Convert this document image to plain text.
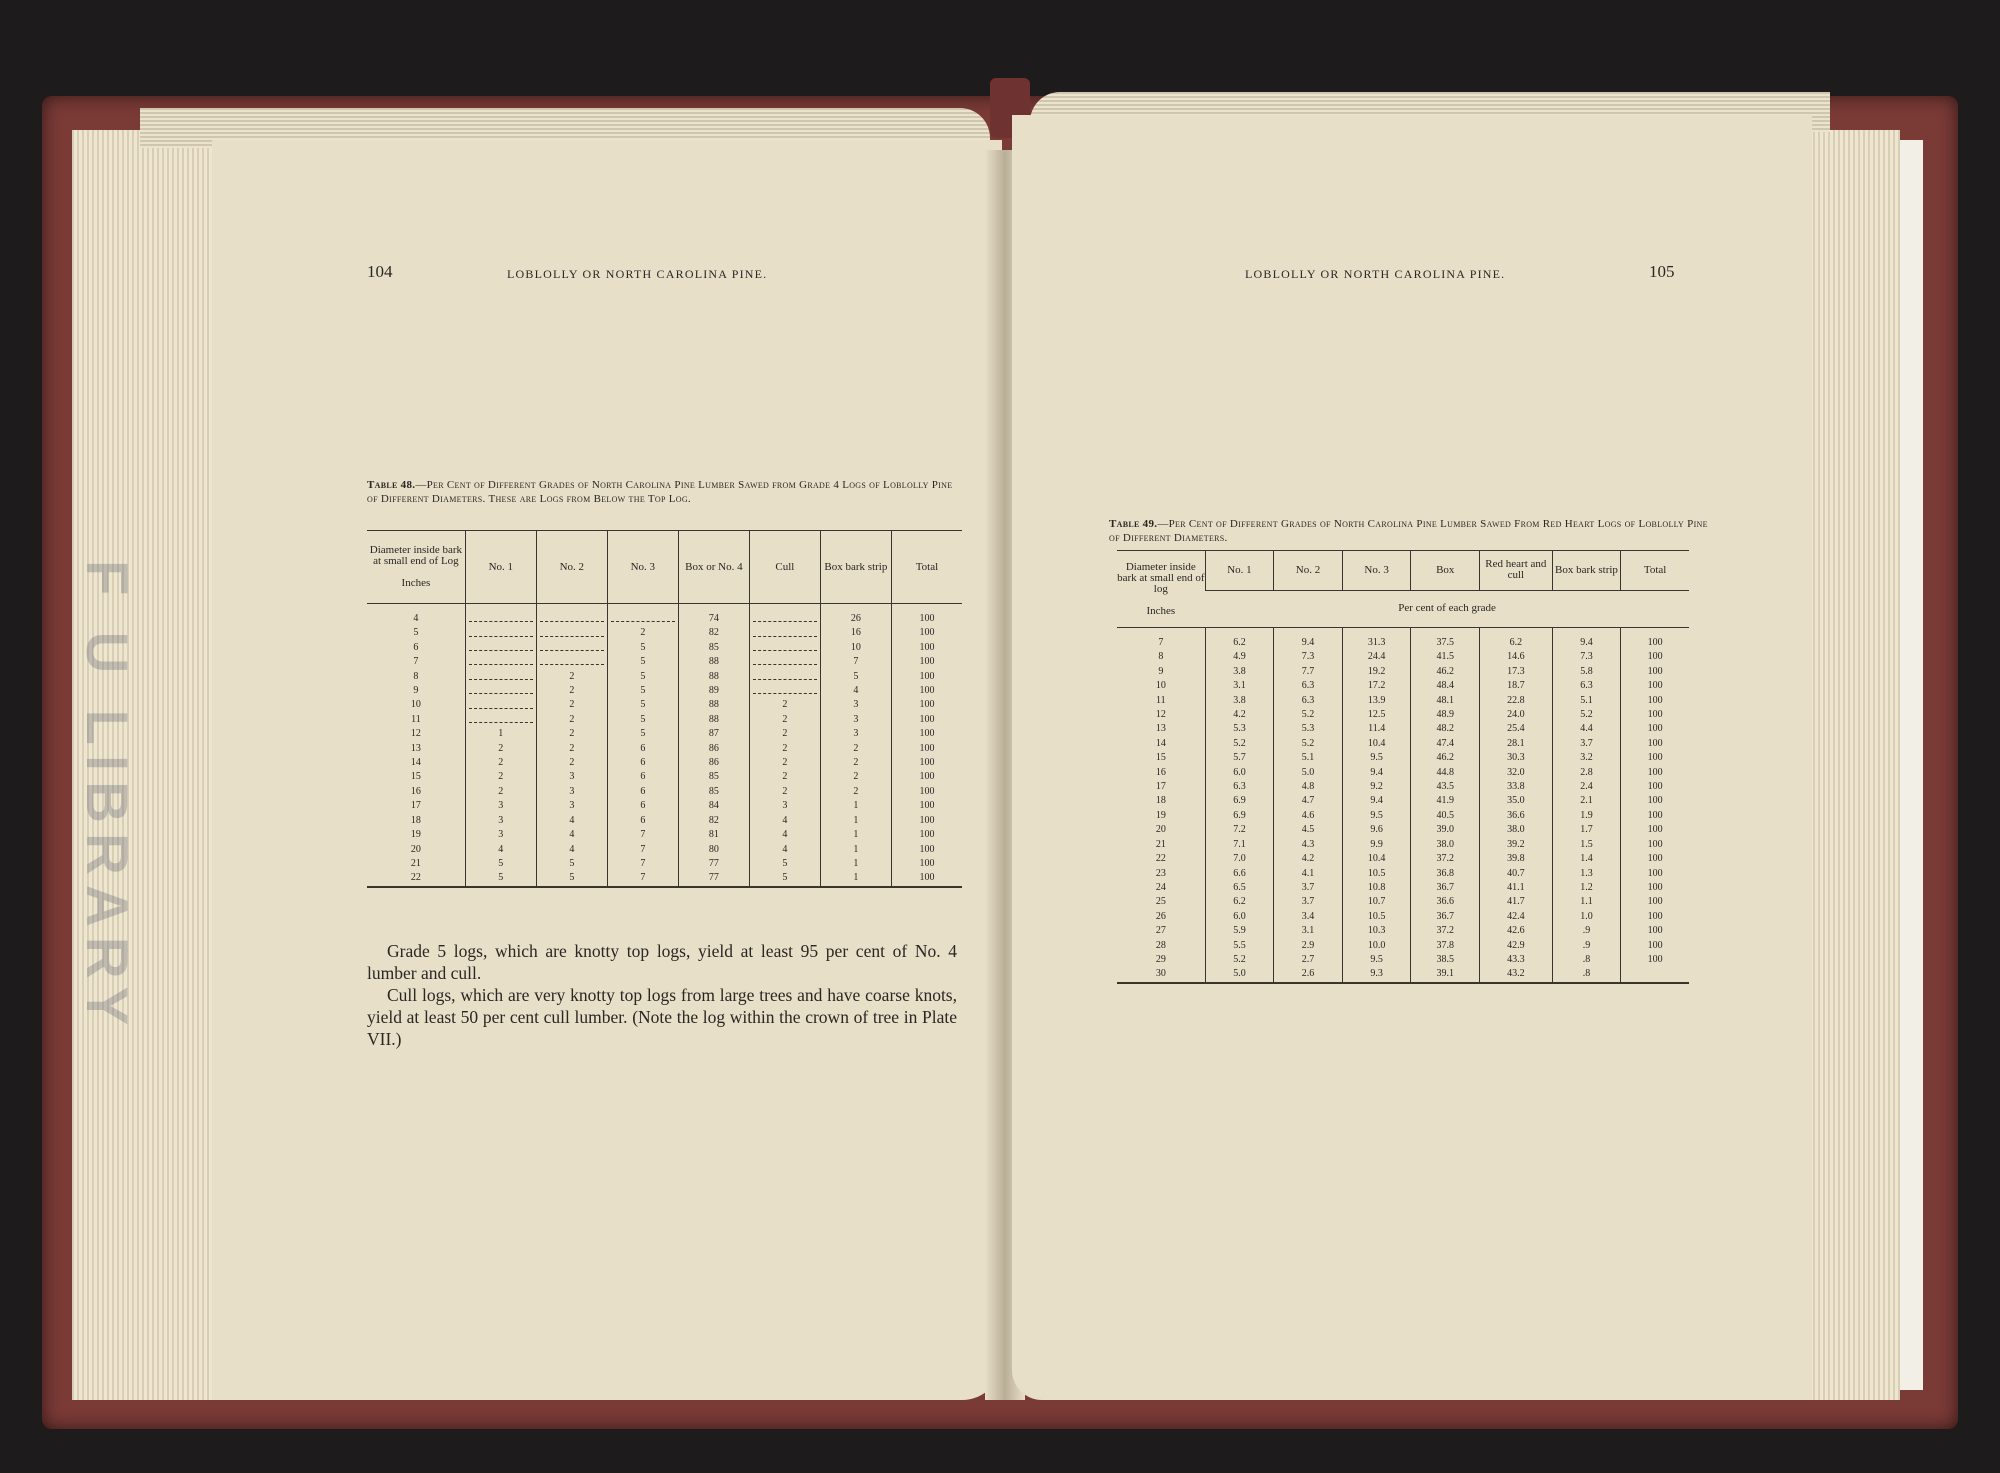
104	LOBLOLLY OR NORTH CAROLINA PINE.
Table 48.—Per Cent of Different Grades of North Carolina Pine Lumber Sawed from Grade 4 Logs of Loblolly Pine of Different Diameters. These are Logs from Below the Top Log.
Diameter inside bark at small end of Log

Inches	No. 1	No. 2	No. 3	Box or No. 4	Cull	Box bark strip	Total
4				74		26	100
5			2	82		16	100
6			5	85		10	100
7			5	88		7	100
8		2	5	88		5	100
9		2	5	89		4	100
10		2	5	88	2	3	100
11		2	5	88	2	3	100
12	1	2	5	87	2	3	100
13	2	2	6	86	2	2	100
14	2	2	6	86	2	2	100
15	2	3	6	85	2	2	100
16	2	3	6	85	2	2	100
17	3	3	6	84	3	1	100
18	3	4	6	82	4	1	100
19	3	4	7	81	4	1	100
20	4	4	7	80	4	1	100
21	5	5	7	77	5	1	100
22	5	5	7	77	5	1	100

Grade 5 logs, which are knotty top logs, yield at least 95 per cent of No. 4 lumber and cull.

Cull logs, which are very knotty top logs from large trees and have coarse knots, yield at least 50 per cent cull lumber. (Note the log within the crown of tree in Plate VII.)

F U LIBRARY
LOBLOLLY OR NORTH CAROLINA PINE.	105
Table 49.—Per Cent of Different Grades of North Carolina Pine Lumber Sawed From Red Heart Logs of Loblolly Pine of Different Diameters.
Diameter inside bark at small end of log

Inches	No. 1	No. 2	No. 3	Box	Red heart and cull	Box bark strip	Total
	Per cent of each grade						
7	6.2	9.4	31.3	37.5	6.2	9.4	100
8	4.9	7.3	24.4	41.5	14.6	7.3	100
9	3.8	7.7	19.2	46.2	17.3	5.8	100
10	3.1	6.3	17.2	48.4	18.7	6.3	100
11	3.8	6.3	13.9	48.1	22.8	5.1	100
12	4.2	5.2	12.5	48.9	24.0	5.2	100
13	5.3	5.3	11.4	48.2	25.4	4.4	100
14	5.2	5.2	10.4	47.4	28.1	3.7	100
15	5.7	5.1	9.5	46.2	30.3	3.2	100
16	6.0	5.0	9.4	44.8	32.0	2.8	100
17	6.3	4.8	9.2	43.5	33.8	2.4	100
18	6.9	4.7	9.4	41.9	35.0	2.1	100
19	6.9	4.6	9.5	40.5	36.6	1.9	100
20	7.2	4.5	9.6	39.0	38.0	1.7	100
21	7.1	4.3	9.9	38.0	39.2	1.5	100
22	7.0	4.2	10.4	37.2	39.8	1.4	100
23	6.6	4.1	10.5	36.8	40.7	1.3	100
24	6.5	3.7	10.8	36.7	41.1	1.2	100
25	6.2	3.7	10.7	36.6	41.7	1.1	100
26	6.0	3.4	10.5	36.7	42.4	1.0	100
27	5.9	3.1	10.3	37.2	42.6	.9	100
28	5.5	2.9	10.0	37.8	42.9	.9	100
29	5.2	2.7	9.5	38.5	43.3	.8	100
30	5.0	2.6	9.3	39.1	43.2	.8	
